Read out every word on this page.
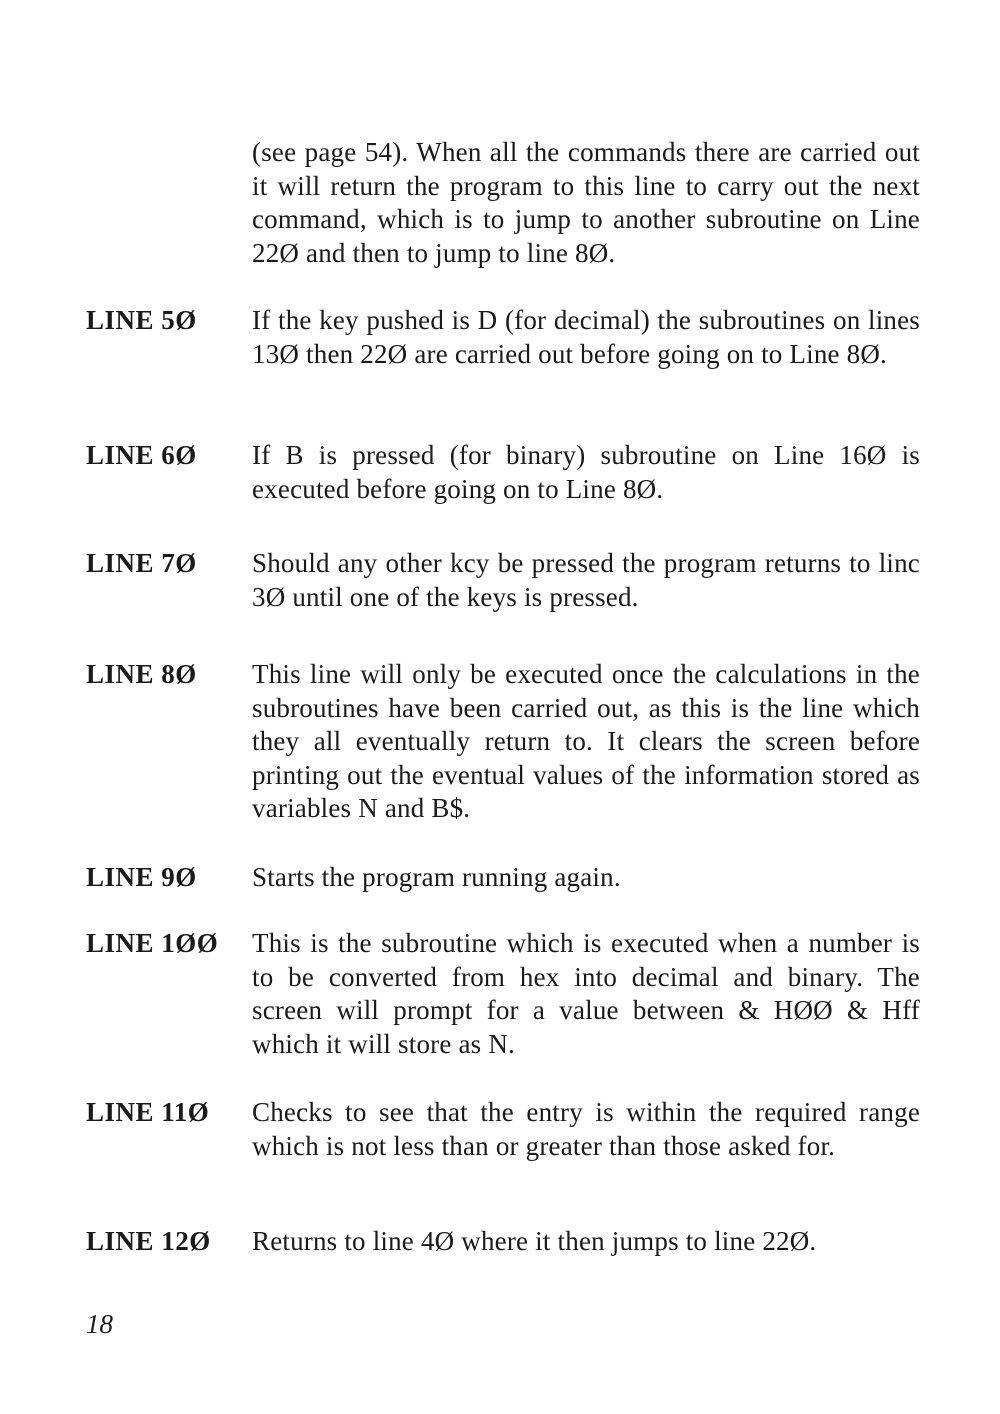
(see page 54). When all the commands there are carried out it will return the program to this line to carry out the next command, which is to jump to another subroutine on Line 22Ø and then to jump to line 8Ø.
LINE 5Ø If the key pushed is D (for decimal) the subroutines on lines 13Ø then 22Ø are carried out before going on to Line 8Ø.
LINE 6Ø If B is pressed (for binary) subroutine on Line 16Ø is executed before going on to Line 8Ø.
LINE 7Ø Should any other kcy be pressed the program returns to linc 3Ø until one of the keys is pressed.
LINE 8Ø This line will only be executed once the calculations in the subroutines have been carried out, as this is the line which they all eventually return to. It clears the screen before printing out the eventual values of the information stored as variables N and B$.
LINE 9Ø Starts the program running again.
LINE 1ØØ This is the subroutine which is executed when a number is to be converted from hex into decimal and binary. The screen will prompt for a value between & HØØ & Hff which it will store as N.
LINE 11Ø Checks to see that the entry is within the required range which is not less than or greater than those asked for.
LINE 12Ø Returns to line 4Ø where it then jumps to line 22Ø.
18
